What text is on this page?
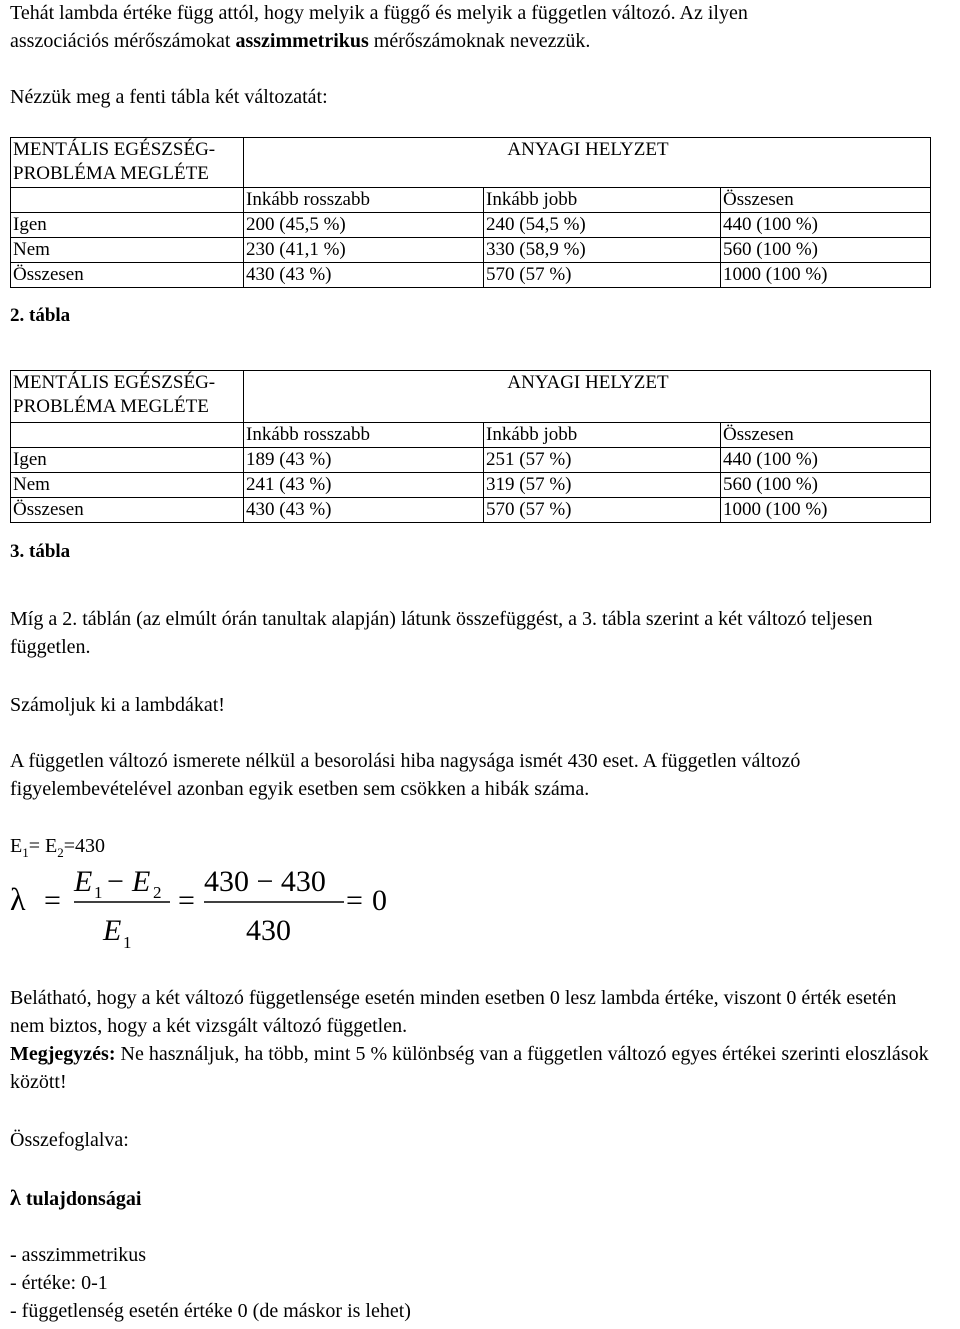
Tehát lambda értéke függ attól, hogy melyik a függő és melyik a független változó. Az ilyen

asszociációs mérőszámokat asszimmetrikus mérőszámoknak nevezzük.

Nézzük meg a fenti tábla két változatát:

MENTÁLIS EGÉSZSÉG-PROBLÉMA MEGLÉTE	ANYAGI HELYZET		
	Inkább rosszabb	Inkább jobb	Összesen
Igen	200 (45,5 %)	240 (54,5 %)	440 (100 %)
Nem	230 (41,1 %)	330 (58,9 %)	560 (100 %)
Összesen	430 (43 %)	570 (57 %)	1000 (100 %)

2. tábla

MENTÁLIS EGÉSZSÉG-PROBLÉMA MEGLÉTE	ANYAGI HELYZET		
	Inkább rosszabb	Inkább jobb	Összesen
Igen	189 (43 %)	251 (57 %)	440 (100 %)
Nem	241 (43 %)	319 (57 %)	560 (100 %)
Összesen	430 (43 %)	570 (57 %)	1000 (100 %)

3. tábla

Míg a 2. táblán (az elmúlt órán tanultak alapján) látunk összefüggést, a 3. tábla szerint a két változó teljesen független.

Számoljuk ki a lambdákat!

A független változó ismerete nélkül a besorolási hiba nagysága ismét 430 eset. A független változó figyelembevételével azonban egyik esetben sem csökken a hibák száma.

$E_1= E_2=430$

λ =
E 1 − E 2
E 1
=
430 − 430
430
= 0

Belátható, hogy a két változó függetlensége esetén minden esetben 0 lesz lambda értéke, viszont 0 érték esetén nem biztos, hogy a két vizsgált változó független.

Megjegyzés: Ne használjuk, ha több, mint 5 % különbség van a független változó egyes értékei szerinti eloszlások között!

Összefoglalva:

λ tulajdonságai

- asszimmetrikus

- értéke: 0-1

- függetlenség esetén értéke 0 (de máskor is lehet)
